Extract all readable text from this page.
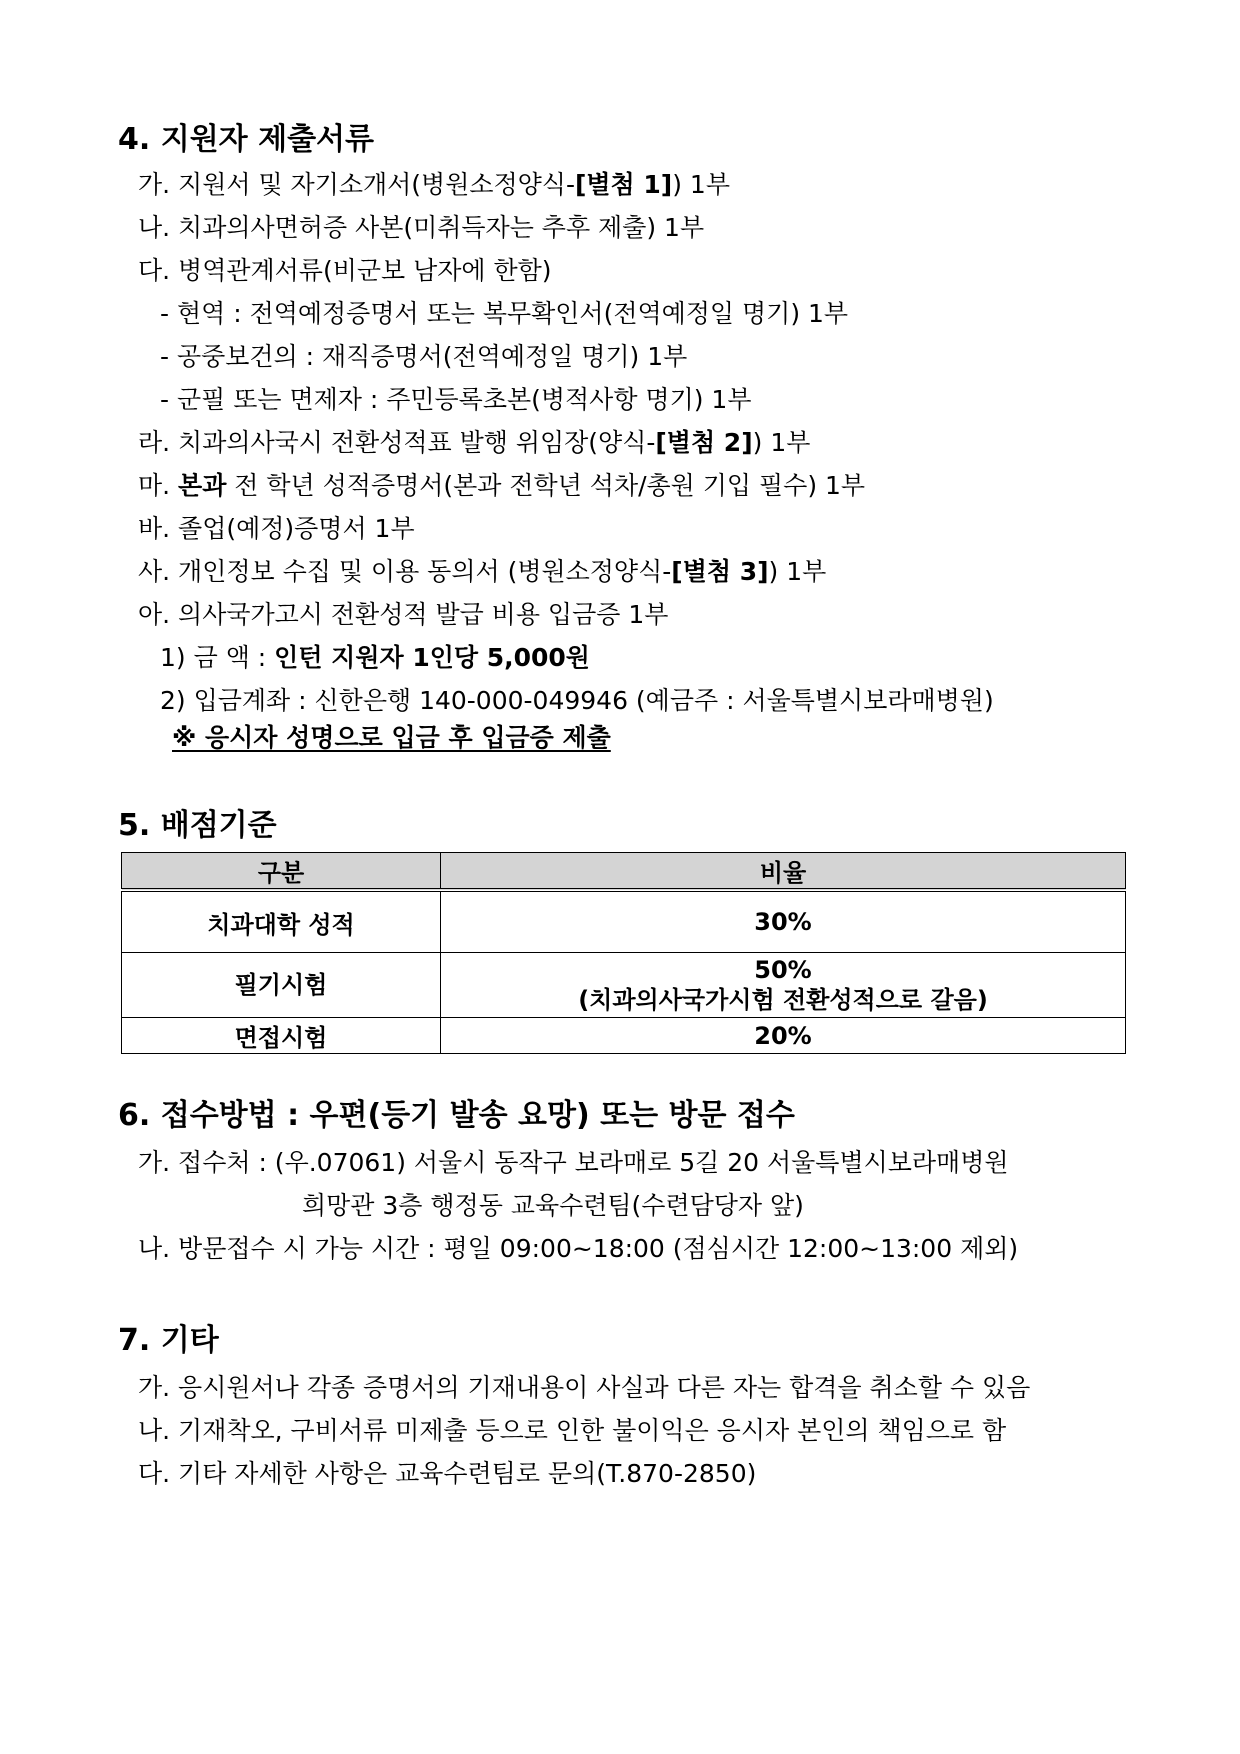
4. 지원자 제출서류
가. 지원서 및 자기소개서(병원소정양식-[별첨 1]) 1부
나. 치과의사면허증 사본(미취득자는 추후 제출) 1부
다. 병역관계서류(비군보 남자에 한함)
- 현역 : 전역예정증명서 또는 복무확인서(전역예정일 명기) 1부
- 공중보건의 : 재직증명서(전역예정일 명기) 1부
- 군필 또는 면제자 : 주민등록초본(병적사항 명기) 1부
라. 치과의사국시 전환성적표 발행 위임장(양식-[별첨 2]) 1부
마. 본과 전 학년 성적증명서(본과 전학년 석차/총원 기입 필수) 1부
바. 졸업(예정)증명서 1부
사. 개인정보 수집 및 이용 동의서 (병원소정양식-[별첨 3]) 1부
아. 의사국가고시 전환성적 발급 비용 입금증 1부
1) 금 액 : 인턴 지원자 1인당 5,000원
2) 입금계좌 : 신한은행 140-000-049946 (예금주 : 서울특별시보라매병원)
※ 응시자 성명으로 입금 후 입금증 제출
5. 배점기준
구분	비율
치과대학 성적	30%
필기시험	50%
(치과의사국가시험 전환성적으로 갈음)

면접시험	20%
6. 접수방법 : 우편(등기 발송 요망) 또는 방문 접수
가. 접수처 : (우.07061) 서울시 동작구 보라매로 5길 20 서울특별시보라매병원
희망관 3층 행정동 교육수련팀(수련담당자 앞)
나. 방문접수 시 가능 시간 : 평일 09:00~18:00 (점심시간 12:00~13:00 제외)
7. 기타
가. 응시원서나 각종 증명서의 기재내용이 사실과 다른 자는 합격을 취소할 수 있음
나. 기재착오, 구비서류 미제출 등으로 인한 불이익은 응시자 본인의 책임으로 함
다. 기타 자세한 사항은 교육수련팀로 문의(T.870-2850)
